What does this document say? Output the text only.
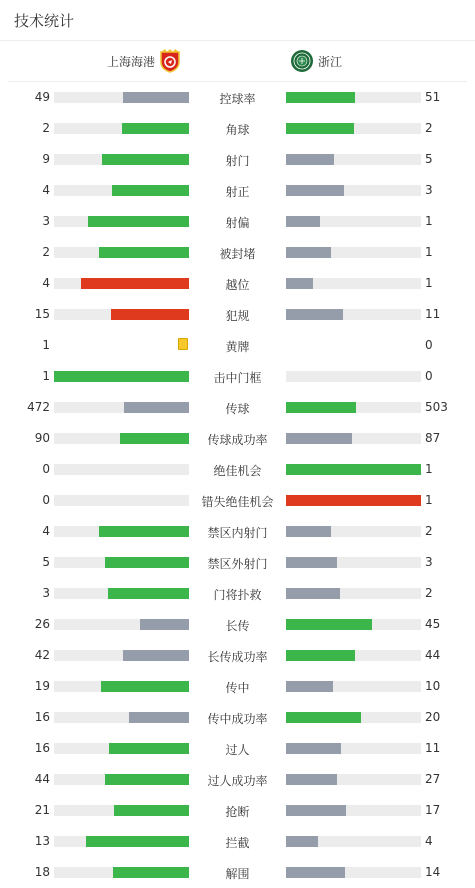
技术统计
上海海港	浙江
49	控球率	51
2	角球	2
9	射门	5
4	射正	3
3	射偏	1
2	被封堵	1
4	越位	1
15	犯规	11
1	黄牌	0
1	击中门框	0
472	传球	503
90	传球成功率	87
0	绝佳机会	1
0	错失绝佳机会	1
4	禁区内射门	2
5	禁区外射门	3
3	门将扑救	2
26	长传	45
42	长传成功率	44
19	传中	10
16	传中成功率	20
16	过人	11
44	过人成功率	27
21	抢断	17
13	拦截	4
18	解围	14
